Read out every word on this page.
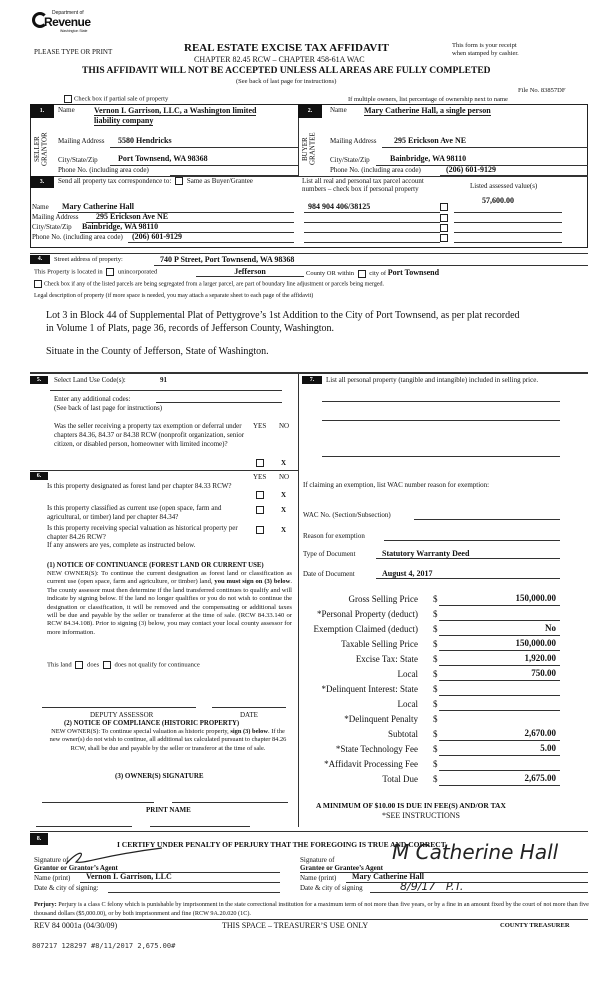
Department of
Revenue
Washington State
PLEASE TYPE OR PRINT	REAL ESTATE EXCISE TAX AFFIDAVIT
CHAPTER 82.45 RCW – CHAPTER 458-61A WAC
This form is your receipt
when stamped by cashier.
THIS AFFIDAVIT WILL NOT BE ACCEPTED UNLESS ALL AREAS ARE FULLY COMPLETED
(See back of last page for instructions)
File No. 83857DF
Check box if partial sale of property	If multiple owners, list percentage of ownership next to name
1.
SELLER
GRANTOR
Name Vernon I. Garrison, LLC, a Washington limited
liability company
Mailing Address 5580 Hendricks
City/State/Zip	Port Townsend, WA 98368
Phone No. (including area code)
2.
BUYER
GRANTEE
Name Mary Catherine Hall, a single person
Mailing Address 295 Erickson Ave NE
City/State/Zip	Bainbridge, WA 98110
Phone No. (including area code)	(206) 601-9129
3.	Send all property tax correspondence to: Same as Buyer/Grantee	List all real and personal tax parcel account
numbers – check box if personal property	Listed assessed value(s)
Name Mary Catherine Hall
Mailing Address 295 Erickson Ave NE
City/State/Zip Bainbridge, WA 98110
Phone No. (including area code) (206) 601-9129
984 904 406/38125
57,600.00
4.	Street address of property:	740 P Street, Port Townsend, WA 98368
This Property is located in unincorporated	Jefferson	County OR within city of Port Townsend
Check box if any of the listed parcels are being segregated from a larger parcel, are part of boundary line adjustment or parcels being merged.
Legal description of property (if more space is needed, you may attach a separate sheet to each page of the affidavit)
Lot 3 in Block 44 of Supplemental Plat of Pettygrove’s 1st Addition to the City of Port Townsend, as per plat recorded
in Volume 1 of Plats, page 36, records of Jefferson County, Washington.
Situate in the County of Jefferson, State of Washington.
5.	Select Land Use Code(s):	91
Enter any additional codes:
(See back of last page for instructions)
Was the seller receiving a property tax exemption or deferral under chapters 84.36, 84.37 or 84.38 RCW (nonprofit organization, senior citizen, or disabled person, homeowner with limited income)?
YES NO
X
6.	YES NO
Is this property designated as forest land per chapter 84.33 RCW?
X
Is this property classified as current use (open space, farm and agricultural, or timber) land per chapter 84.34?
X
Is this property receiving special valuation as historical property per chapter 84.26 RCW?
X
If any answers are yes, complete as instructed below.
(1) NOTICE OF CONTINUANCE (FOREST LAND OR CURRENT USE)
NEW OWNER(S): To continue the current designation as forest land or classification as current use (open space, farm and agriculture, or timber) land, you must sign on (3) below. The county assessor must then determine if the land transferred continues to qualify and will indicate by signing below. If the land no longer qualifies or you do not wish to continue the designation or classification, it will be removed and the compensating or additional taxes will be due and payable by the seller or transferor at the time of sale. (RCW 84.33.140 or RCW 84.34.108). Prior to signing (3) below, you may contact your local county assessor for more information.
This land does does not qualify for continuance
DEPUTY ASSESSOR	DATE
(2) NOTICE OF COMPLIANCE (HISTORIC PROPERTY)
NEW OWNER(S): To continue special valuation as historic property, sign (3) below. If the new owner(s) do not wish to continue, all additional tax calculated pursuant to chapter 84.26 RCW, shall be due and payable by the seller or transferor at the time of sale.
(3) OWNER(S) SIGNATURE
PRINT NAME
7.	List all personal property (tangible and intangible) included in selling price.
If claiming an exemption, list WAC number reason for exemption:
WAC No. (Section/Subsection)
Reason for exemption
Type of Document	Statutory Warranty Deed
Date of Document	August 4, 2017
Gross Selling Price $	150,000.00
*Personal Property (deduct) $
Exemption Claimed (deduct) $	No
Taxable Selling Price $	150,000.00
Excise Tax: State $	1,920.00
Local $	750.00
*Delinquent Interest: State $
Local $
*Delinquent Penalty $
Subtotal $	2,670.00
*State Technology Fee $	5.00
*Affidavit Processing Fee $
Total Due $	2,675.00
A MINIMUM OF $10.00 IS DUE IN FEE(S) AND/OR TAX
*SEE INSTRUCTIONS
8.
I CERTIFY UNDER PENALTY OF PERJURY THAT THE FOREGOING IS TRUE AND CORRECT
Signature of
Grantor or Grantor’s Agent
Name (print) Vernon I. Garrison, LLC
Date & city of signing:
Signature of
Grantee or Grantee’s Agent
M Catherine Hall
Name (print) Mary Catherine Hall
Date & city of signing	8/9/17   P.T.
Perjury: Perjury is a class C felony which is punishable by imprisonment in the state correctional institution for a maximum term of not more than five years, or by a fine in an amount fixed by the court of not more than five thousand dollars ($5,000.00), or by both imprisonment and fine (RCW 9A.20.020 (1C).
REV 84 0001a (04/30/09)	THIS SPACE – TREASURER’S USE ONLY	COUNTY TREASURER
807217 128297 #8/11/2017 2,675.00#
